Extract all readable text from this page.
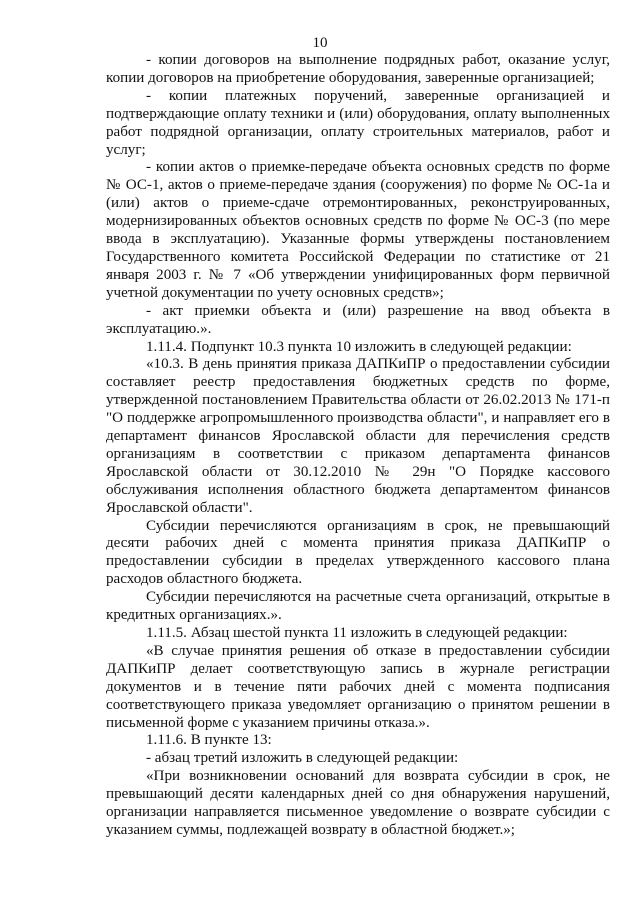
10

- копии договоров на выполнение подрядных работ, оказание услуг, копии договоров на приобретение оборудования, заверенные организацией;

- копии платежных поручений, заверенные организацией и подтверждающие оплату техники и (или) оборудования, оплату выполненных работ подрядной организации, оплату строительных материалов, работ и услуг;

- копии актов о приемке-передаче объекта основных средств по форме № ОС-1, актов о приеме-передаче здания (сооружения) по форме № ОС-1а и (или) актов о приеме-сдаче отремонтированных, реконструированных, модернизированных объектов основных средств по форме № ОС-3 (по мере ввода в эксплуатацию). Указанные формы утверждены постановлением Государственного комитета Российской Федерации по статистике от 21 января 2003 г. № 7 «Об утверждении унифицированных форм первичной учетной документации по учету основных средств»;

- акт приемки объекта и (или) разрешение на ввод объекта в эксплуатацию.».

1.11.4. Подпункт 10.3 пункта 10 изложить в следующей редакции:

«10.3. В день принятия приказа ДАПКиПР о предоставлении субсидии составляет реестр предоставления бюджетных средств по форме, утвержденной постановлением Правительства области от 26.02.2013 № 171-п "О поддержке агропромышленного производства области", и направляет его в департамент финансов Ярославской области для перечисления средств организациям в соответствии с приказом департамента финансов Ярославской области от 30.12.2010 № 29н "О Порядке кассового обслуживания исполнения областного бюджета департаментом финансов Ярославской области".

Субсидии перечисляются организациям в срок, не превышающий десяти рабочих дней с момента принятия приказа ДАПКиПР о предоставлении субсидии в пределах утвержденного кассового плана расходов областного бюджета.

Субсидии перечисляются на расчетные счета организаций, открытые в кредитных организациях.».

1.11.5. Абзац шестой пункта 11 изложить в следующей редакции:

«В случае принятия решения об отказе в предоставлении субсидии ДАПКиПР делает соответствующую запись в журнале регистрации документов и в течение пяти рабочих дней с момента подписания соответствующего приказа уведомляет организацию о принятом решении в письменной форме с указанием причины отказа.».

1.11.6. В пункте 13:

- абзац третий изложить в следующей редакции:

«При возникновении оснований для возврата субсидии в срок, не превышающий десяти календарных дней со дня обнаружения нарушений, организации направляется письменное уведомление о возврате субсидии с указанием суммы, подлежащей возврату в областной бюджет.»;
